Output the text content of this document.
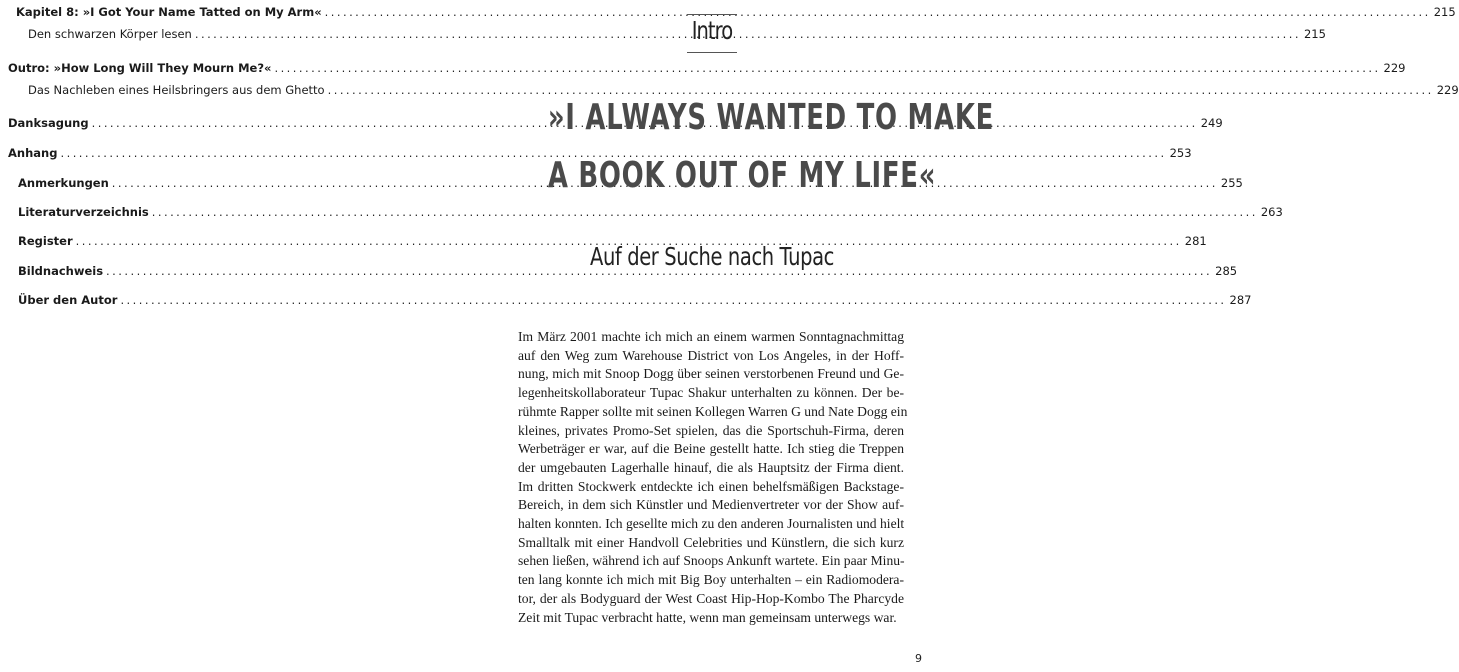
Kapitel 8: »I Got Your Name Tatted on My Arm« . . .	215
Den schwarzen Körper lesen . . .	215
Outro: »How Long Will They Mourn Me?« . . .	229
Das Nachleben eines Heilsbringers aus dem Ghetto . . .	229
Danksagung . . .	249
Anhang . . .	253
Anmerkungen . . .	255
Literaturverzeichnis . . .	263
Register . . .	281
Bildnachweis . . .	285
Über den Autor . . .	287
Intro
»I ALWAYS WANTED TO MAKE
A BOOK OUT OF MY LIFE«
Auf der Suche nach Tupac
Im März 2001 machte ich mich an einem warmen Sonntagnachmittag
auf den Weg zum Warehouse District von Los Angeles, in der Hoff-
nung, mich mit Snoop Dogg über seinen verstorbenen Freund und Ge-
legenheitskollaborateur Tupac Shakur unterhalten zu können. Der be-
rühmte Rapper sollte mit seinen Kollegen Warren G und Nate Dogg ein
kleines, privates Promo-Set spielen, das die Sportschuh-Firma, deren
Werbeträger er war, auf die Beine gestellt hatte. Ich stieg die Treppen
der umgebauten Lagerhalle hinauf, die als Hauptsitz der Firma dient.
Im dritten Stockwerk entdeckte ich einen behelfsmäßigen Backstage-
Bereich, in dem sich Künstler und Medienvertreter vor der Show auf-
halten konnten. Ich gesellte mich zu den anderen Journalisten und hielt
Smalltalk mit einer Handvoll Celebrities und Künstlern, die sich kurz
sehen ließen, während ich auf Snoops Ankunft wartete. Ein paar Minu-
ten lang konnte ich mich mit Big Boy unterhalten – ein Radiomodera-
tor, der als Bodyguard der West Coast Hip-Hop-Kombo The Pharcyde
Zeit mit Tupac verbracht hatte, wenn man gemeinsam unterwegs war.
9
